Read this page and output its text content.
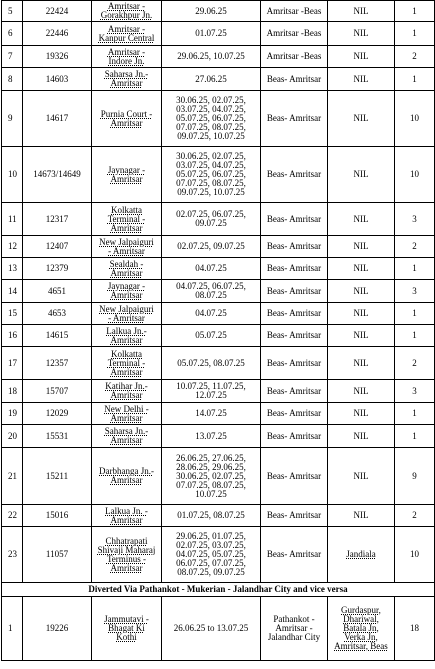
5	22424	Amritsar -
Gorakhpur Jn.	29.06.25	Amritsar -Beas	NIL	1
6	22446	Amritsar -
Kanpur Central	01.07.25	Amritsar -Beas	NIL	1
7	19326	Amritsar -
Indore Jn.	29.06.25, 10.07.25	Amritsar -Beas	NIL	2
8	14603	Saharsa Jn.-
Amritsar	27.06.25	Beas- Amritsar	NIL	1
9	14617	Purnia Court -
Amritsar	30.06.25, 02.07.25,
03.07.25, 04.07.25,
05.07.25, 06.07.25,
07.07.25, 08.07.25,
09.07.25, 10.07.25	Beas- Amritsar	NIL	10
10	14673/14649	Jaynagar -
Amritsar	30.06.25, 02.07.25,
03.07.25, 04.07.25,
05.07.25, 06.07.25,
07.07.25, 08.07.25,
09.07.25, 10.07.25	Beas- Amritsar	NIL	10
11	12317	Kolkatta
Terminal -
Amritsar	02.07.25, 06.07.25,
09.07.25	Beas- Amritsar	NIL	3
12	12407	New Jalpaiguri
- Amritsar	02.07.25, 09.07.25	Beas- Amritsar	NIL	2
13	12379	Sealdah -
Amritsar	04.07.25	Beas- Amritsar	NIL	1
14	4651	Jaynagar -
Amritsar	04.07.25, 06.07.25,
08.07.25	Beas- Amritsar	NIL	3
15	4653	New Jalpaiguri
- Amritsar	04.07.25	Beas- Amritsar	NIL	1
16	14615	Lalkua Jn.-
Amritsar	05.07.25	Beas- Amritsar	NIL	1
17	12357	Kolkatta
Terminal -
Amritsar	05.07.25, 08.07.25	Beas- Amritsar	NIL	2
18	15707	Katihar Jn.-
Amritsar	10.07.25, 11.07.25,
12.07.25	Beas- Amritsar	NIL	3
19	12029	New Delhi -
Amritsar	14.07.25	Beas- Amritsar	NIL	1
20	15531	Saharsa Jn.-
Amritsar	13.07.25	Beas- Amritsar	NIL	1
21	15211	Darbhanga Jn.-
Amritsar	26.06.25, 27.06.25,
28.06.25, 29.06.25,
30.06.25, 02.07.25,
07.07.25, 08.07.25,
10.07.25	Beas- Amritsar	NIL	9
22	15016	Lalkua Jn. -
Amritsar	01.07.25, 08.07.25	Beas- Amritsar	NIL	2
23	11057	Chhatrapati
Shivaji Maharaj
Terminus -
Amritsar	29.06.25, 01.07.25,
02.07.25, 03.07.25,
04.07.25, 05.07.25,
06.07.25, 07.07.25,
08.07.25, 09.07.25	Beas- Amritsar	Jandiala	10
Diverted Via Pathankot - Mukerian - Jalandhar City and vice versa						
1	19226	Jammutavi -
Bhagat Ki
Kothi	26.06.25 to 13.07.25	Pathankot -
Amritsar -
Jalandhar City	Gurdaspur,
Dhariwal,
Batala Jn,
Verka Jn,
Amritsar, Beas	18
